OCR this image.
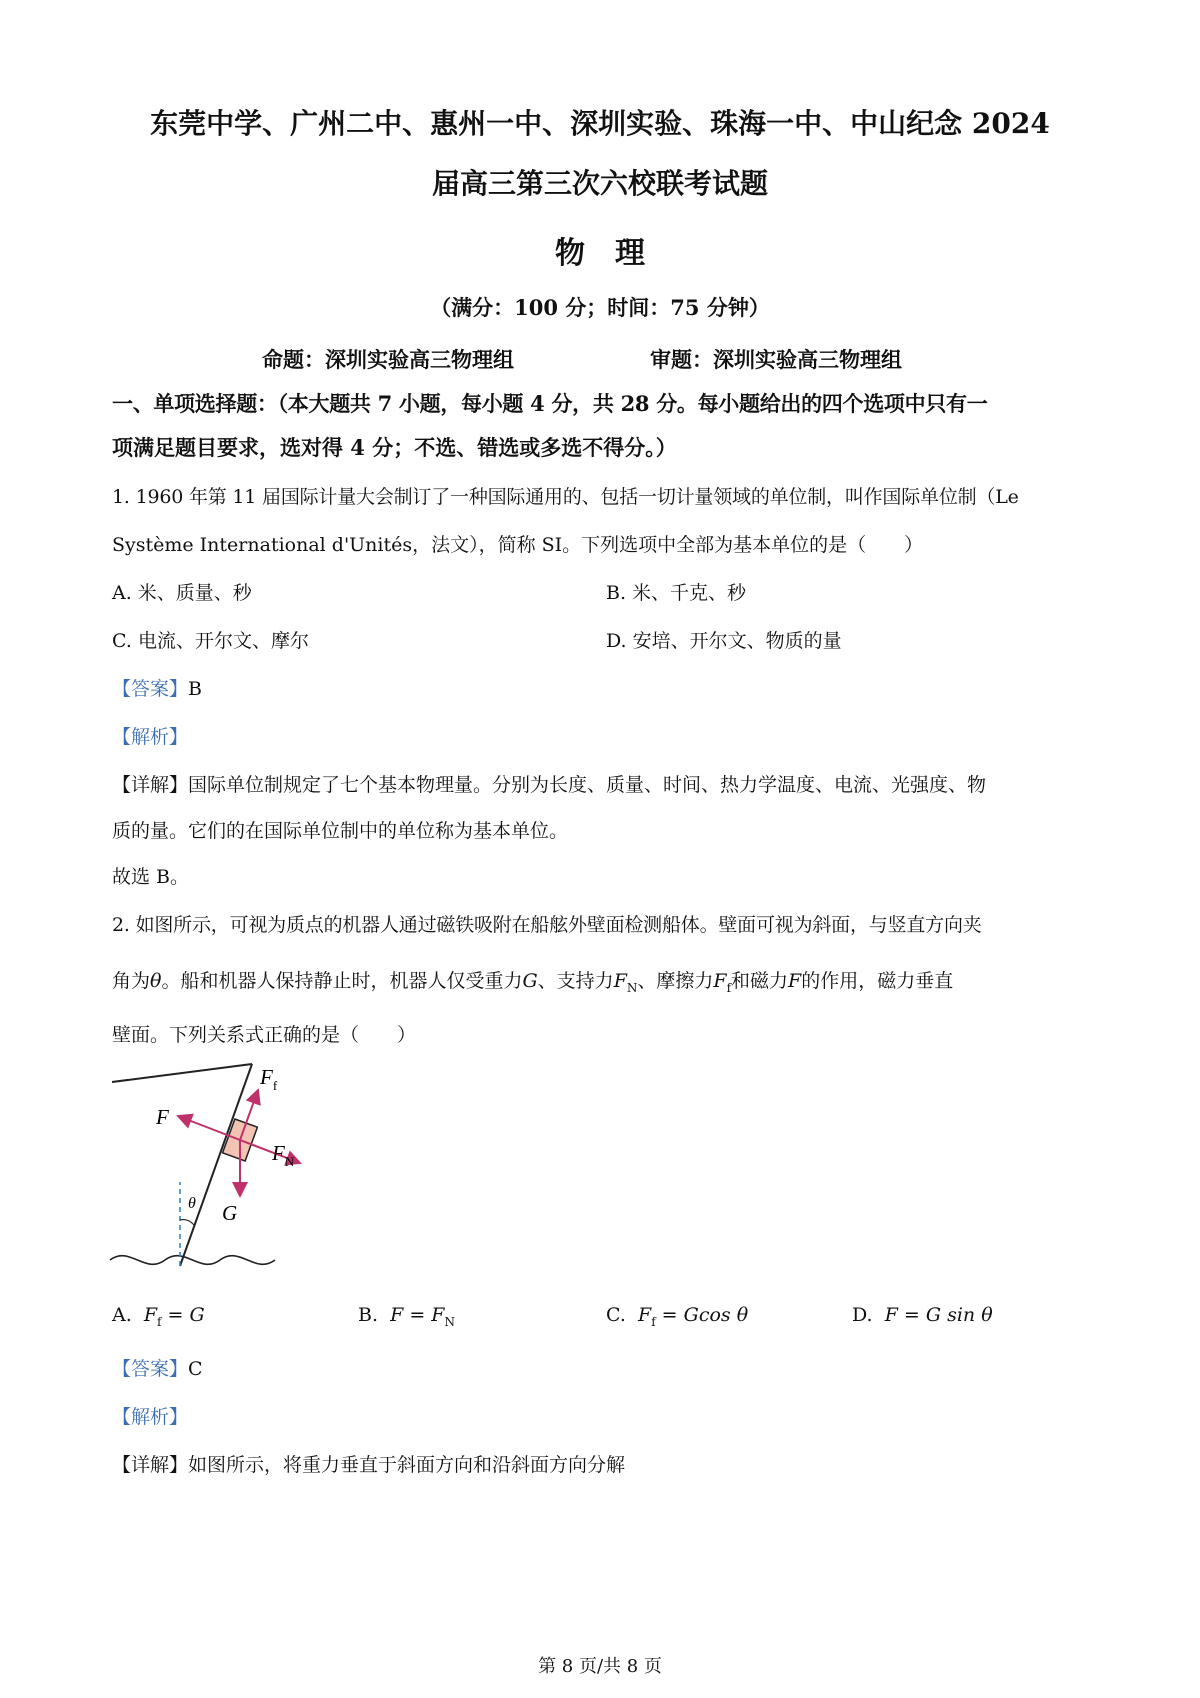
东莞中学、广州二中、惠州一中、深圳实验、珠海一中、中山纪念 2024
届高三第三次六校联考试题
物　理
（满分：100 分；时间：75 分钟）
命题：深圳实验高三物理组	审题：深圳实验高三物理组
一、单项选择题：（本大题共 7 小题，每小题 4 分，共 28 分。每小题给出的四个选项中只有一
项满足题目要求，选对得 4 分；不选、错选或多选不得分。）
1. 1960 年第 11 届国际计量大会制订了一种国际通用的、包括一切计量领域的单位制，叫作国际单位制（Le
Système International d'Unités，法文），简称 SI。下列选项中全部为基本单位的是（　　）
A. 米、质量、秒	B. 米、千克、秒
C. 电流、开尔文、摩尔	D. 安培、开尔文、物质的量
【答案】B
【解析】
【详解】国际单位制规定了七个基本物理量。分别为长度、质量、时间、热力学温度、电流、光强度、物
质的量。它们的在国际单位制中的单位称为基本单位。
故选 B。
2. 如图所示，可视为质点的机器人通过磁铁吸附在船舷外壁面检测船体。壁面可视为斜面，与竖直方向夹
角为θ。船和机器人保持静止时，机器人仅受重力G、支持力$F_N$、摩擦力$F_f$和磁力F的作用，磁力垂直
壁面。下列关系式正确的是（　　）
$F_f$
F
$F_N$
G
θ
A. $F_f = G$	B. $F = F_N$	C. $F_f = Gcos$ θ	D. F = G sin θ
【答案】C
【解析】
【详解】如图所示，将重力垂直于斜面方向和沿斜面方向分解
第 8 页/共 8 页
